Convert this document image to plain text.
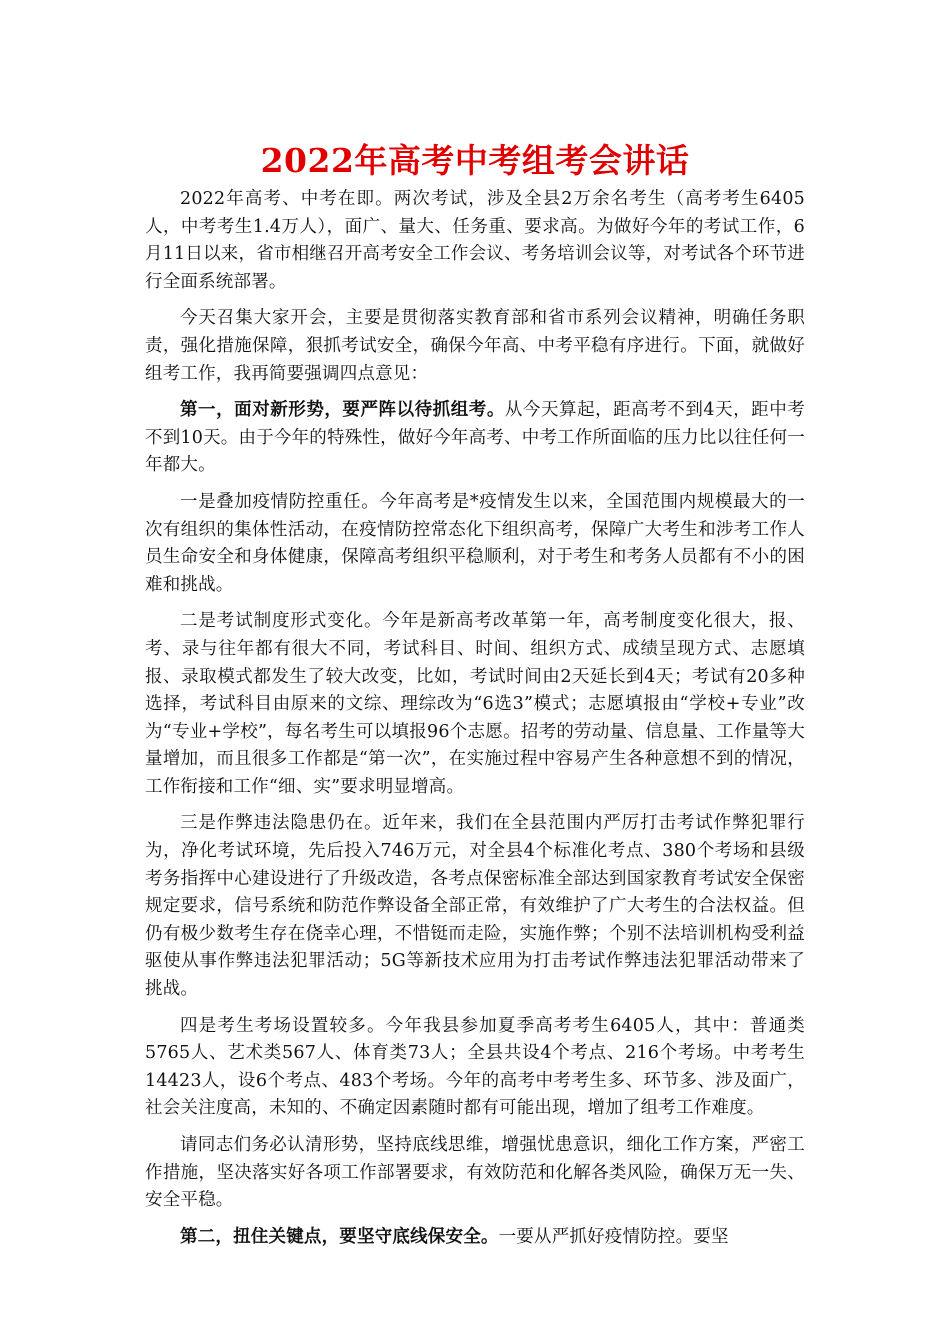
2022年高考中考组考会讲话

2022年高考、中考在即。两次考试，涉及全县2万余名考生（高考考生6405人，中考考生1.4万人），面广、量大、任务重、要求高。为做好今年的考试工作，6月11日以来，省市相继召开高考安全工作会议、考务培训会议等，对考试各个环节进行全面系统部署。

今天召集大家开会，主要是贯彻落实教育部和省市系列会议精神，明确任务职责，强化措施保障，狠抓考试安全，确保今年高、中考平稳有序进行。下面，就做好组考工作，我再简要强调四点意见：

第一，面对新形势，要严阵以待抓组考。从今天算起，距高考不到4天，距中考不到10天。由于今年的特殊性，做好今年高考、中考工作所面临的压力比以往任何一年都大。

一是叠加疫情防控重任。今年高考是*疫情发生以来，全国范围内规模最大的一次有组织的集体性活动，在疫情防控常态化下组织高考，保障广大考生和涉考工作人员生命安全和身体健康，保障高考组织平稳顺利，对于考生和考务人员都有不小的困难和挑战。

二是考试制度形式变化。今年是新高考改革第一年，高考制度变化很大，报、考、录与往年都有很大不同，考试科目、时间、组织方式、成绩呈现方式、志愿填报、录取模式都发生了较大改变，比如，考试时间由2天延长到4天；考试有20多种选择，考试科目由原来的文综、理综改为“6选3”模式；志愿填报由“学校+专业”改为“专业+学校”，每名考生可以填报96个志愿。招考的劳动量、信息量、工作量等大量增加，而且很多工作都是“第一次”，在实施过程中容易产生各种意想不到的情况，工作衔接和工作“细、实”要求明显增高。

三是作弊违法隐患仍在。近年来，我们在全县范围内严厉打击考试作弊犯罪行为，净化考试环境，先后投入746万元，对全县4个标准化考点、380个考场和县级考务指挥中心建设进行了升级改造，各考点保密标准全部达到国家教育考试安全保密规定要求，信号系统和防范作弊设备全部正常，有效维护了广大考生的合法权益。但仍有极少数考生存在侥幸心理，不惜铤而走险，实施作弊；个别不法培训机构受利益驱使从事作弊违法犯罪活动；5G等新技术应用为打击考试作弊违法犯罪活动带来了挑战。

四是考生考场设置较多。今年我县参加夏季高考考生6405人，其中：普通类5765人、艺术类567人、体育类73人；全县共设4个考点、216个考场。中考考生14423人，设6个考点、483个考场。今年的高考中考考生多、环节多、涉及面广，社会关注度高，未知的、不确定因素随时都有可能出现，增加了组考工作难度。

请同志们务必认清形势，坚持底线思维，增强忧患意识，细化工作方案，严密工作措施，坚决落实好各项工作部署要求，有效防范和化解各类风险，确保万无一失、安全平稳。

第二，扭住关键点，要坚守底线保安全。一要从严抓好疫情防控。要坚
